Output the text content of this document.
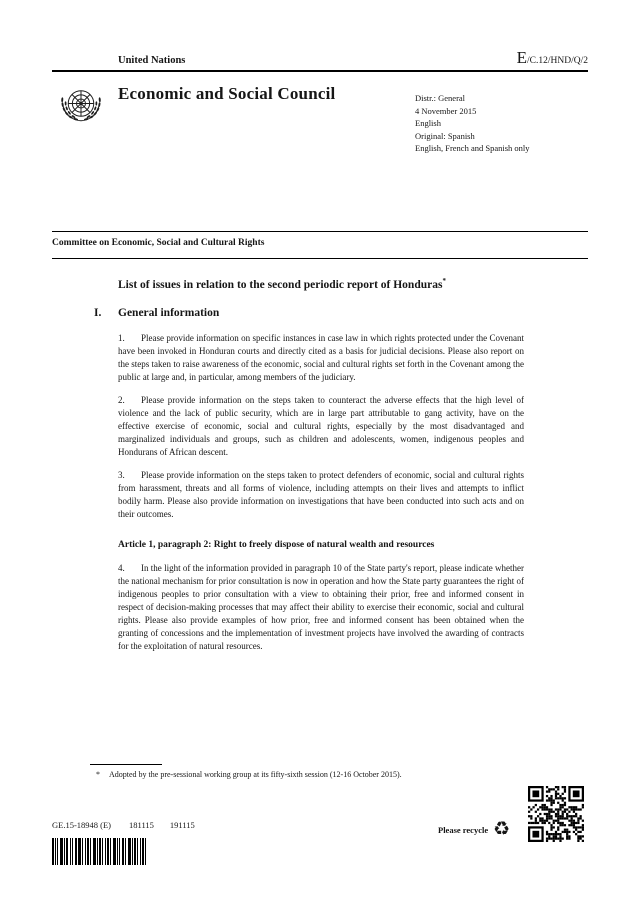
United Nations	E/C.12/HND/Q/2
Economic and Social Council	Distr.: General
4 November 2015
English
Original: Spanish
English, French and Spanish only
Committee on Economic, Social and Cultural Rights
List of issues in relation to the second periodic report of Honduras*
I. General information

1. Please provide information on specific instances in case law in which rights protected under the Covenant have been invoked in Honduran courts and directly cited as a basis for judicial decisions. Please also report on the steps taken to raise awareness of the economic, social and cultural rights set forth in the Covenant among the public at large and, in particular, among members of the judiciary.

2. Please provide information on the steps taken to counteract the adverse effects that the high level of violence and the lack of public security, which are in large part attributable to gang activity, have on the effective exercise of economic, social and cultural rights, especially by the most disadvantaged and marginalized individuals and groups, such as children and adolescents, women, indigenous peoples and Hondurans of African descent.

3. Please provide information on the steps taken to protect defenders of economic, social and cultural rights from harassment, threats and all forms of violence, including attempts on their lives and attempts to inflict bodily harm. Please also provide information on investigations that have been conducted into such acts and on their outcomes.

Article 1, paragraph 2: Right to freely dispose of natural wealth and resources

4. In the light of the information provided in paragraph 10 of the State party's report, please indicate whether the national mechanism for prior consultation is now in operation and how the State party guarantees the right of indigenous peoples to prior consultation with a view to obtaining their prior, free and informed consent in respect of decision-making processes that may affect their ability to exercise their economic, social and cultural rights. Please also provide examples of how prior, free and informed consent has been obtained when the granting of concessions and the implementation of investment projects have involved the awarding of contracts for the exploitation of natural resources.

* Adopted by the pre-sessional working group at its fifty-sixth session (12-16 October 2015).
GE.15-18948 (E) 181115 191115	Please recycle ♻
